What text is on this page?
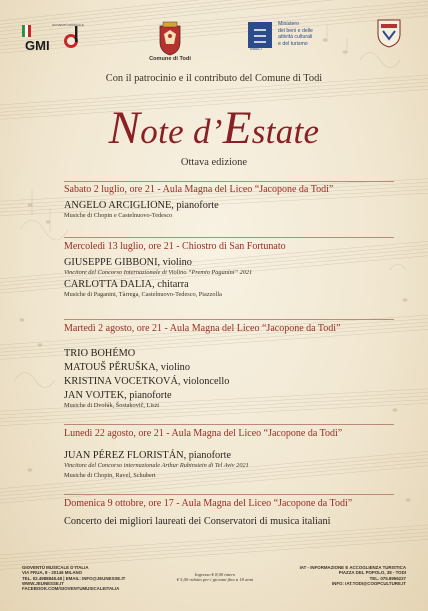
GMI
GIOVENTÙ MUSICALE
Comune di Todi
MiBACT
Ministero
dei beni e delle
attività culturali
e del turismo
Con il patrocinio e il contributo del Comune di Todi
Note d’Estate
Ottava edizione
Sabato 2 luglio, ore 21 - Aula Magna del Liceo “Jacopone da Todi”
ANGELO ARCIGLIONE, pianoforte
Musiche di Chopin e Castelnuovo-Tedesco
Mercoledì 13 luglio, ore 21 - Chiostro di San Fortunato
GIUSEPPE GIBBONI, violino
Vincitore del Concorso Internazionale di Violino “Premio Paganini” 2021
CARLOTTA DALIA, chitarra
Musiche di Paganini, Tàrrega, Castelnuovo-Tedesco, Piazzolla
Martedì 2 agosto, ore 21 - Aula Magna del Liceo “Jacopone da Todi”
TRIO BOHÉMO
MATOUŠ PĚRUŠKA, violino
KRISTINA VOCETKOVÁ, violoncello
JAN VOJTEK, pianoforte
Musiche di Dvořák, Šostakovič, Liszt
Lunedì 22 agosto, ore 21 - Aula Magna del Liceo “Jacopone da Todi”
JUAN PÉREZ FLORISTÁN, pianoforte
Vincitore del Concorso internazionale Arthur Rubinstein di Tel Aviv 2021
Musiche di Chopin, Ravel, Schubert
Domenica 9 ottobre, ore 17 - Aula Magna del Liceo “Jacopone da Todi”
Concerto dei migliori laureati dei Conservatori di musica italiani
GIOVENTÙ MUSICALE D’ITALIA
VIA FRUA, 8 - 20146 MILANO
TEL. 02.4988848.48 | EMAIL: INFO@JEUNESSE.IT
WWW.JEUNESSE.IT
FACEBOOK.COM/GIOVENTUMUSICALEITALIA
Ingresso € 8,00 intero
€ 5,00 ridotto per i giovani fino a 18 anni
IAT - INFORMAZIONE E ACCOGLIENZA TURISTICA
PIAZZA DEL POPOLO, 38 - TODI
TEL. 075.8956227
INFO: IAT.TODI@COOPCULTURE.IT
